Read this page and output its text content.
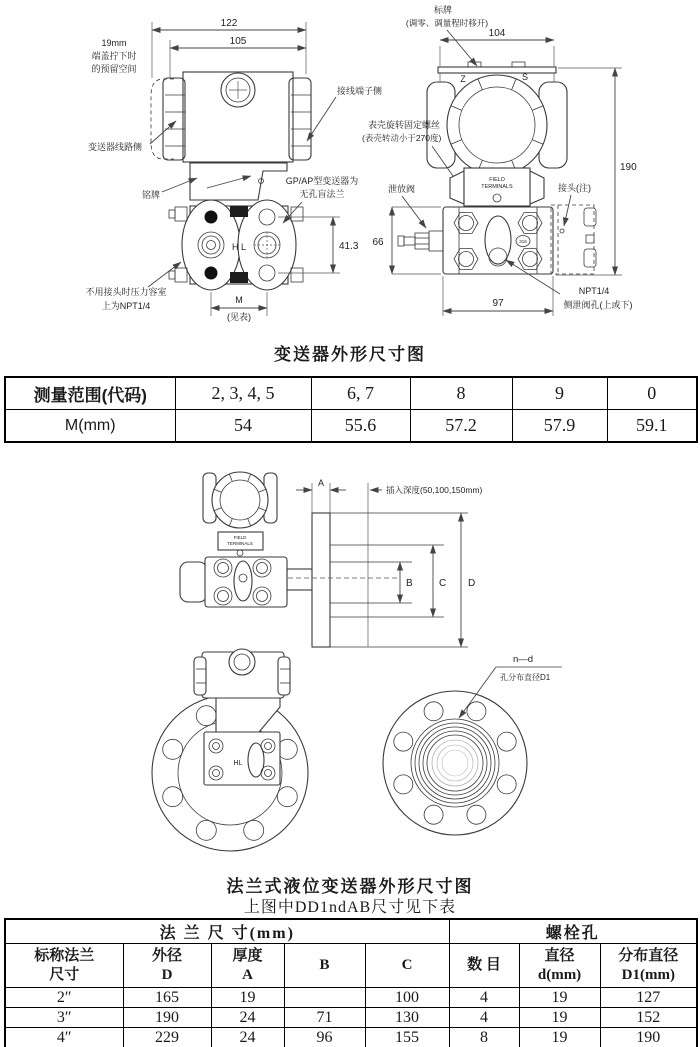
122
105
19mm
端盖拧下时
的预留空间
变送器线路侧
接线端子侧
铭牌
GP/AP型变送器为
无孔盲法兰
H L	41.3
M
(见表)
不用接头时压力容室
上为NPT1/4
标牌
(调零、调量程时移开)
104
Z	S
表壳旋转固定螺丝
(表壳转动小于270度)
FIELD
TERMINALS
泄放阀	接头(注)
316
66
190
97
NPT1/4
侧泄阀孔(上或下)
变送器外形尺寸图
测量范围(代码)	2, 3, 4, 5	6, 7	8	9	0
M(mm)	54	55.6	57.2	57.9	59.1
A
插入深度(50,100,150mm)
B	C D
FIELD
TERMINALS
HL
n—d
孔分布直径D1
法兰式液位变送器外形尺寸图
上图中DD1ndAB尺寸见下表
法 兰 尺 寸(mm)					螺栓孔		

标称法兰
尺寸

外径
D

厚度
A

B	C	数 目

直径
d(mm)

分布直径
D1(mm)

2″	165	19		100	4	19	127
3″	190	24	71	130	4	19	152
4″	229	24	96	155	8	19	190
